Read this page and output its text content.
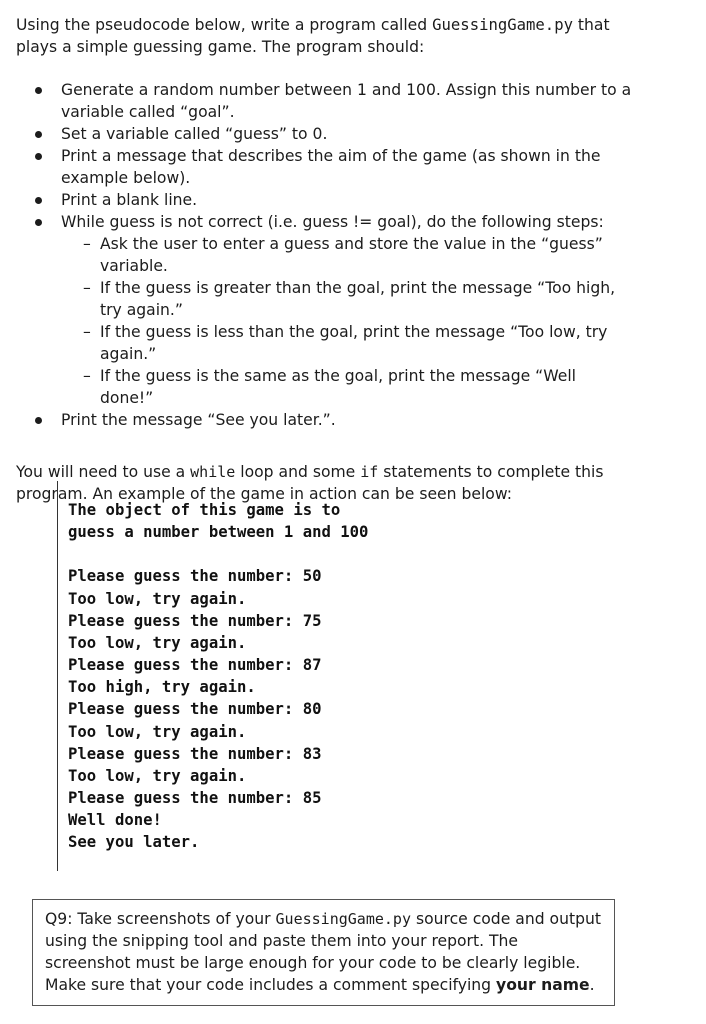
Using the pseudocode below, write a program called GuessingGame.py that plays a simple guessing game. The program should:

Generate a random number between 1 and 100. Assign this number to a variable called “goal”.
Set a variable called “guess” to 0.
Print a message that describes the aim of the game (as shown in the example below).
Print a blank line.
While guess is not correct (i.e. guess != goal), do the following steps:
– Ask the user to enter a guess and store the value in the “guess” variable.
– If the guess is greater than the goal, print the message “Too high, try again.”
– If the guess is less than the goal, print the message “Too low, try again.”
– If the guess is the same as the goal, print the message “Well done!”
Print the message “See you later.”.

You will need to use a while loop and some if statements to complete this program. An example of the game in action can be seen below:

The object of this game is to
guess a number between 1 and 100

Please guess the number: 50
Too low, try again.
Please guess the number: 75
Too low, try again.
Please guess the number: 87
Too high, try again.
Please guess the number: 80
Too low, try again.
Please guess the number: 83
Too low, try again.
Please guess the number: 85
Well done!
See you later.

Q9: Take screenshots of your GuessingGame.py source code and output using the snipping tool and paste them into your report. The screenshot must be large enough for your code to be clearly legible. Make sure that your code includes a comment specifying your name.
